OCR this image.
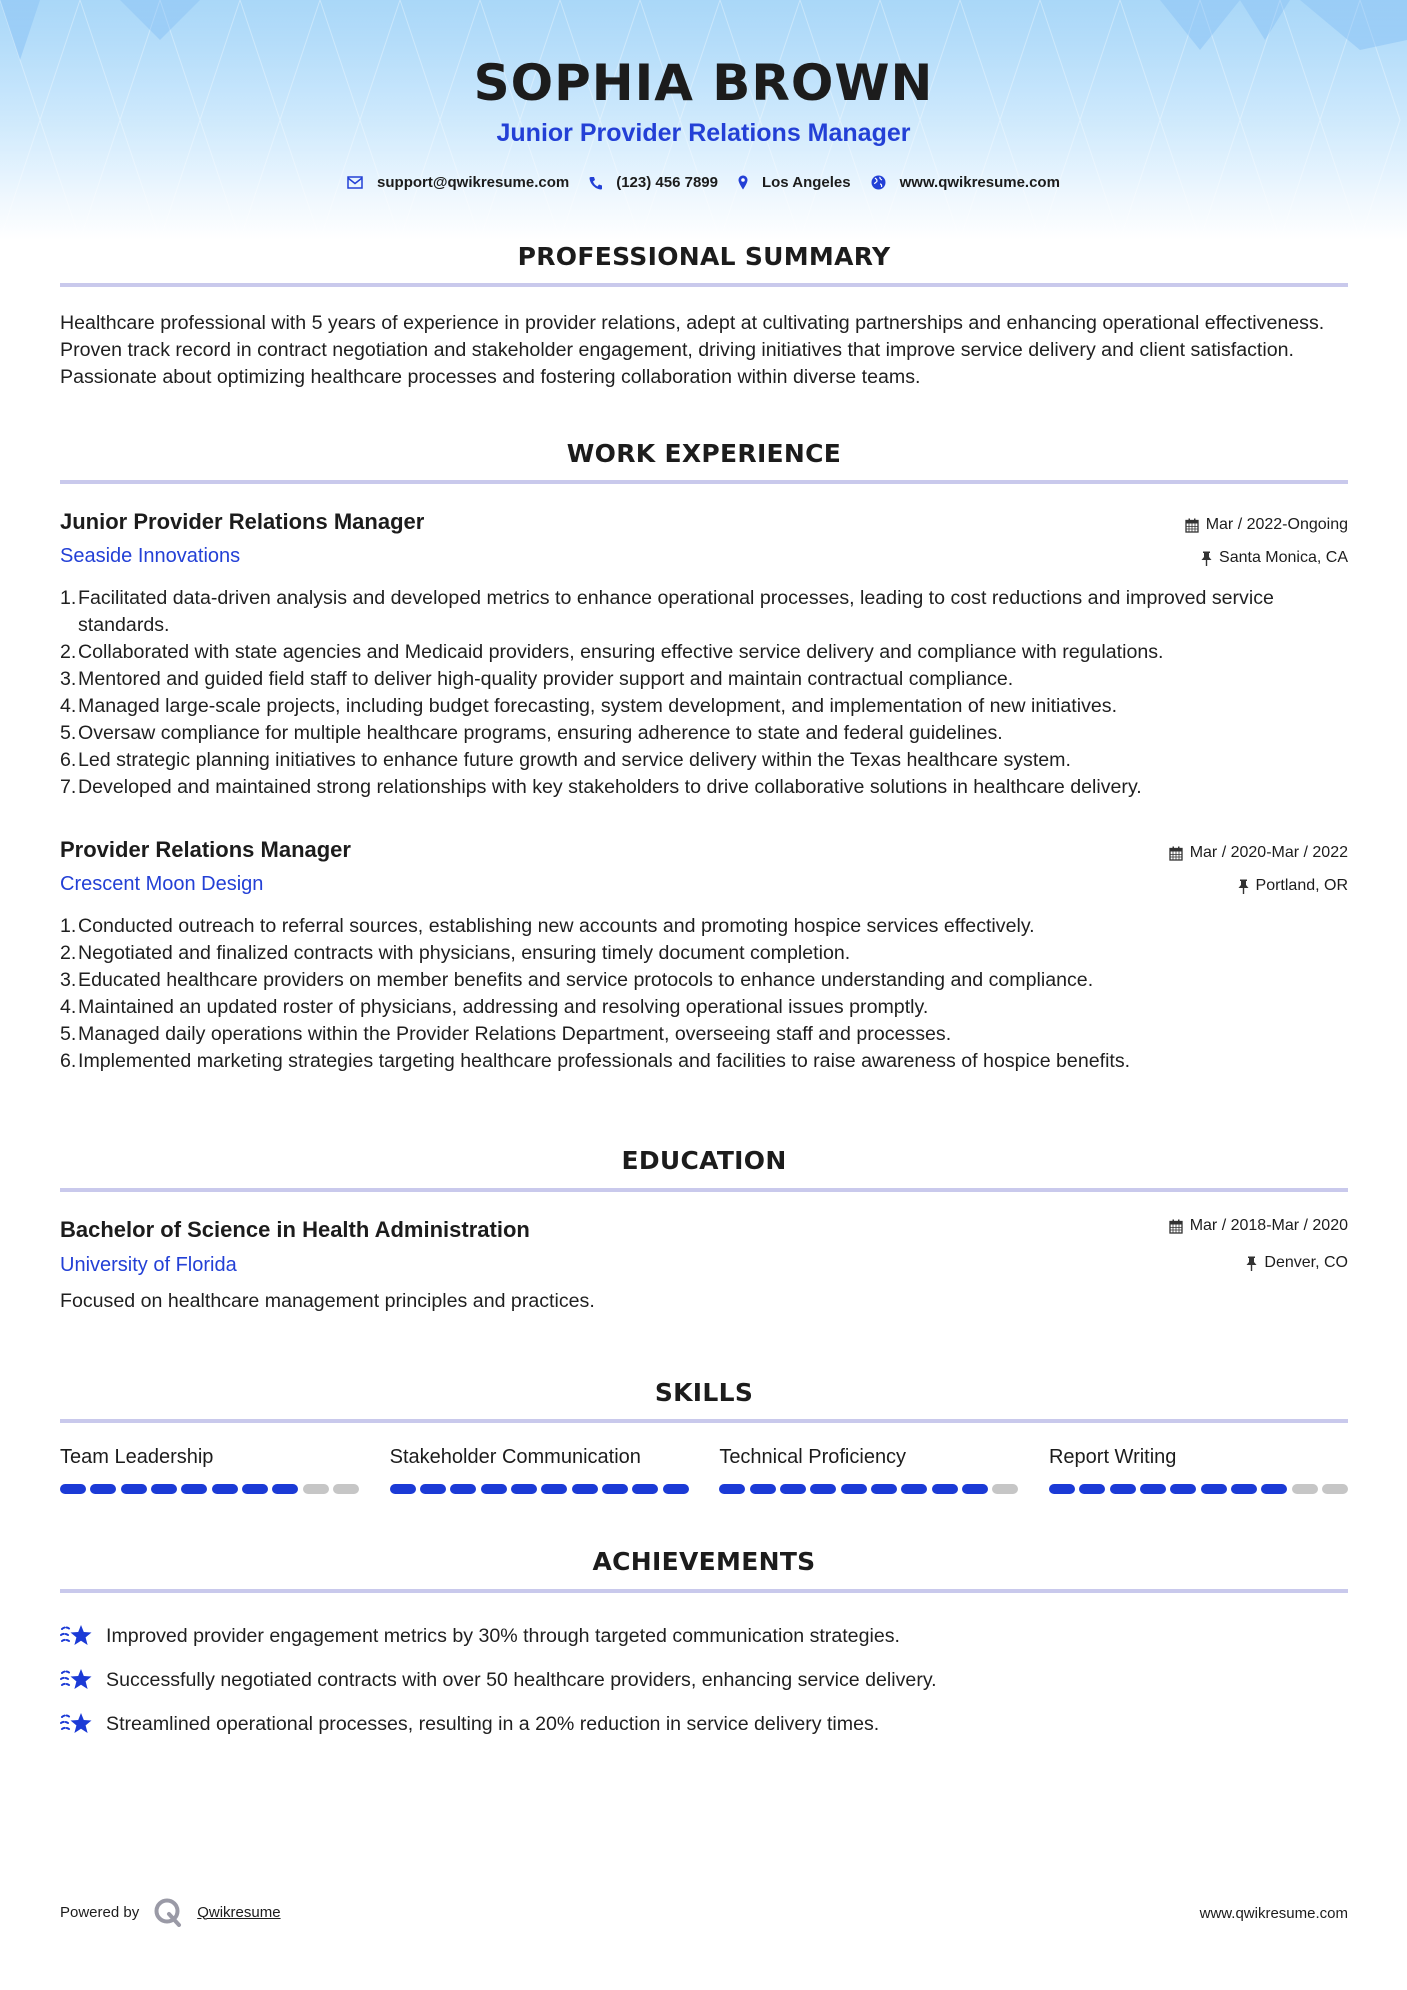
SOPHIA BROWN
Junior Provider Relations Manager
support@qwikresume.com	(123) 456 7899	Los Angeles	www.qwikresume.com
PROFESSIONAL SUMMARY
Healthcare professional with 5 years of experience in provider relations, adept at cultivating partnerships and enhancing operational effectiveness. Proven track record in contract negotiation and stakeholder engagement, driving initiatives that improve service delivery and client satisfaction. Passionate about optimizing healthcare processes and fostering collaboration within diverse teams.
WORK EXPERIENCE
Junior Provider Relations Manager	Mar / 2022-Ongoing
Seaside Innovations	Santa Monica, CA
1. Facilitated data-driven analysis and developed metrics to enhance operational processes, leading to cost reductions and improved service standards.
2. Collaborated with state agencies and Medicaid providers, ensuring effective service delivery and compliance with regulations.
3. Mentored and guided field staff to deliver high-quality provider support and maintain contractual compliance.
4. Managed large-scale projects, including budget forecasting, system development, and implementation of new initiatives.
5. Oversaw compliance for multiple healthcare programs, ensuring adherence to state and federal guidelines.
6. Led strategic planning initiatives to enhance future growth and service delivery within the Texas healthcare system.
7. Developed and maintained strong relationships with key stakeholders to drive collaborative solutions in healthcare delivery.
Provider Relations Manager	Mar / 2020-Mar / 2022
Crescent Moon Design	Portland, OR
1. Conducted outreach to referral sources, establishing new accounts and promoting hospice services effectively.
2. Negotiated and finalized contracts with physicians, ensuring timely document completion.
3. Educated healthcare providers on member benefits and service protocols to enhance understanding and compliance.
4. Maintained an updated roster of physicians, addressing and resolving operational issues promptly.
5. Managed daily operations within the Provider Relations Department, overseeing staff and processes.
6. Implemented marketing strategies targeting healthcare professionals and facilities to raise awareness of hospice benefits.
EDUCATION
Bachelor of Science in Health Administration	Mar / 2018-Mar / 2020
University of Florida	Denver, CO
Focused on healthcare management principles and practices.
SKILLS
Team Leadership	Stakeholder Communication	Technical Proficiency	Report Writing
ACHIEVEMENTS
Improved provider engagement metrics by 30% through targeted communication strategies.
Successfully negotiated contracts with over 50 healthcare providers, enhancing service delivery.
Streamlined operational processes, resulting in a 20% reduction in service delivery times.
Powered by	Qwikresume	www.qwikresume.com
